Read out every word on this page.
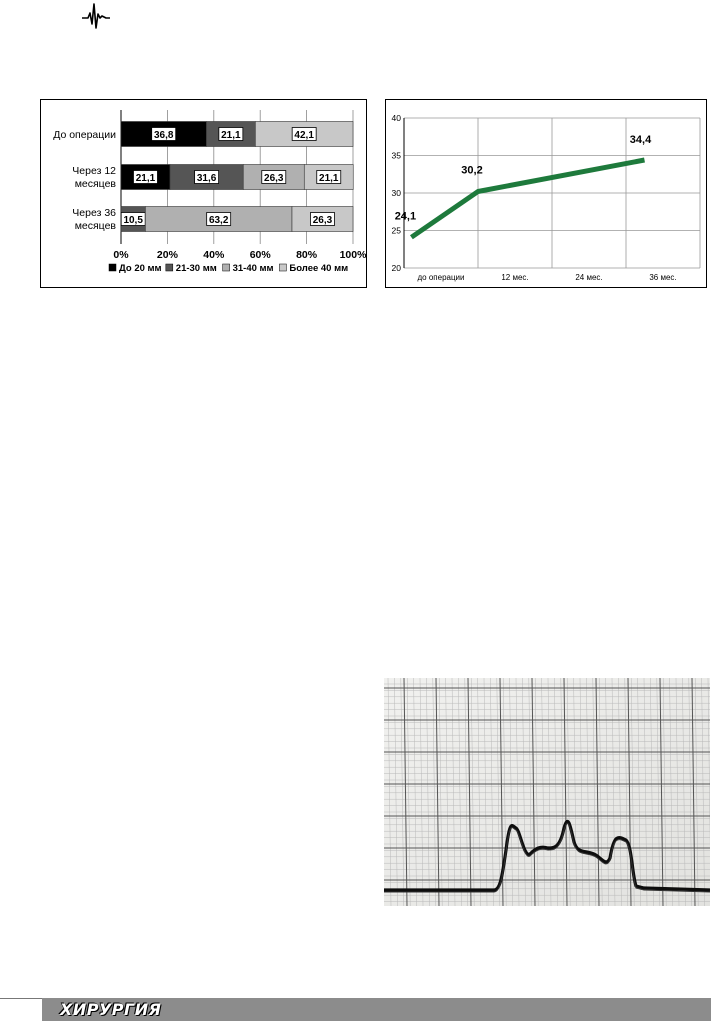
36,8	21,1	42,1
21,1	31,6	26,3	21,1
10,5	63,2	26,3
До операции
Через 12
месяцев
Через 36
месяцев
0%	20% 40% 60% 80% 100%
До 20 мм 21-30 мм 31-40 мм Более 40 мм	20
25
30
35
40
до операции	12 мес.	24 мес.	36 мес.
24,1
30,2
34,4
ХИРУРГИЯ
